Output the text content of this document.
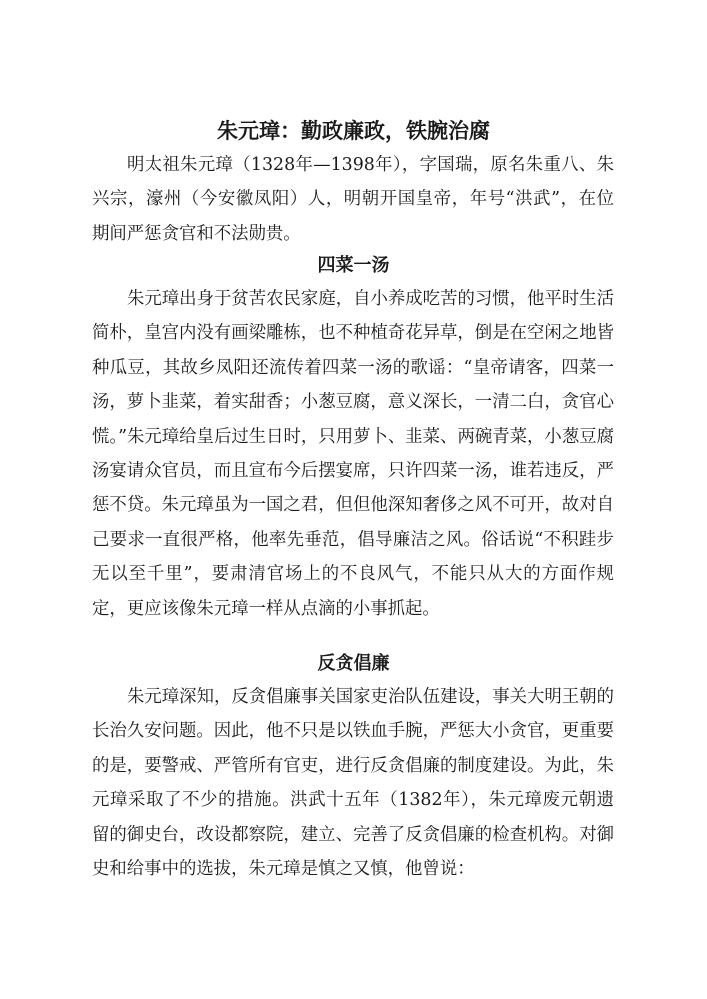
朱元璋：勤政廉政，铁腕治腐

明太祖朱元璋（1328年—1398年），字国瑞，原名朱重八、朱兴宗，濠州（今安徽凤阳）人，明朝开国皇帝，年号“洪武”，在位期间严惩贪官和不法勋贵。

四菜一汤

朱元璋出身于贫苦农民家庭，自小养成吃苦的习惯，他平时生活简朴，皇宫内没有画梁雕栋，也不种植奇花异草，倒是在空闲之地皆种瓜豆，其故乡凤阳还流传着四菜一汤的歌谣：“皇帝请客，四菜一汤，萝卜韭菜，着实甜香；小葱豆腐，意义深长，一清二白，贪官心慌。”朱元璋给皇后过生日时，只用萝卜、韭菜、两碗青菜，小葱豆腐汤宴请众官员，而且宣布今后摆宴席，只许四菜一汤，谁若违反，严惩不贷。朱元璋虽为一国之君，但但他深知奢侈之风不可开，故对自己要求一直很严格，他率先垂范，倡导廉洁之风。俗话说“不积跬步无以至千里”，要肃清官场上的不良风气，不能只从大的方面作规定，更应该像朱元璋一样从点滴的小事抓起。

反贪倡廉

朱元璋深知，反贪倡廉事关国家吏治队伍建设，事关大明王朝的长治久安问题。因此，他不只是以铁血手腕，严惩大小贪官，更重要的是，要警戒、严管所有官吏，进行反贪倡廉的制度建设。为此，朱元璋采取了不少的措施。洪武十五年（1382年），朱元璋废元朝遗留的御史台，改设都察院，建立、完善了反贪倡廉的检查机构。对御史和给事中的选拔，朱元璋是慎之又慎，他曾说：
